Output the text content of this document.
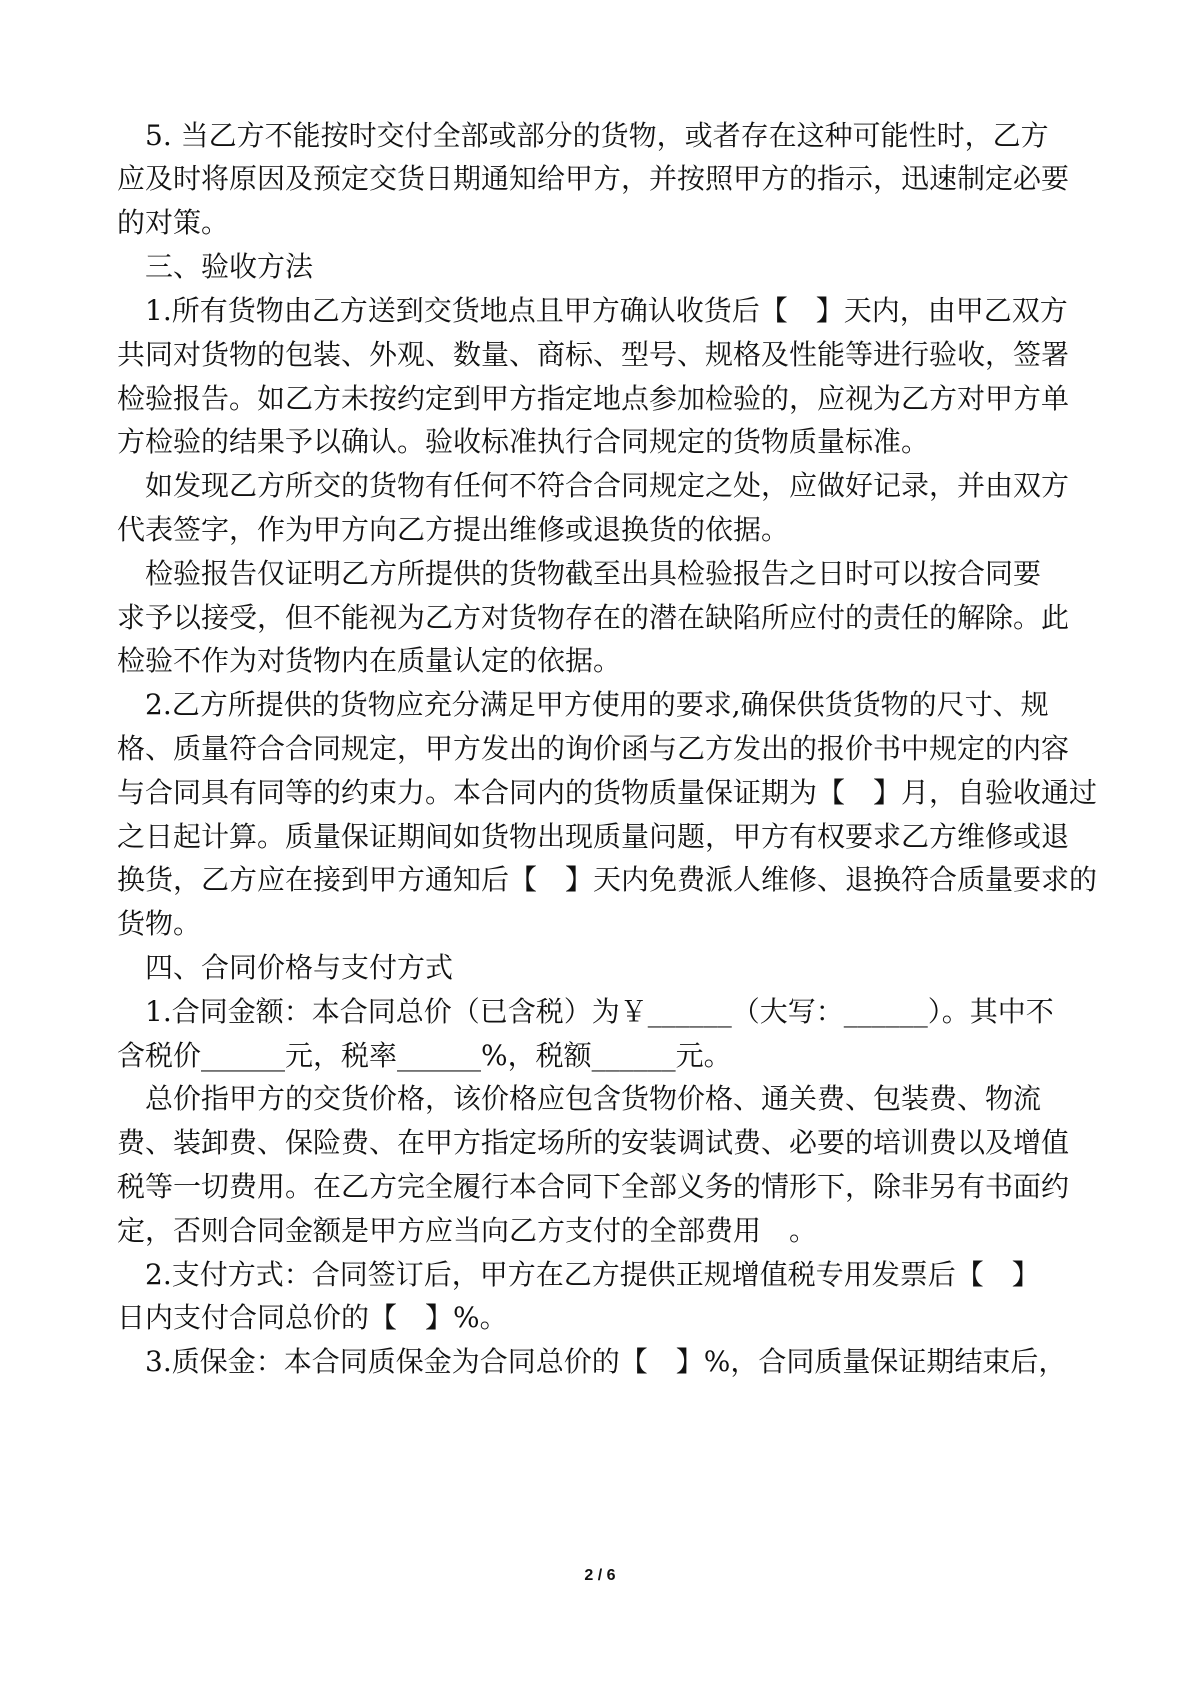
　5. 当乙方不能按时交付全部或部分的货物，或者存在这种可能性时，乙方
应及时将原因及预定交货日期通知给甲方，并按照甲方的指示，迅速制定必要
的对策。
　三、验收方法
　1.所有货物由乙方送到交货地点且甲方确认收货后【　】天内，由甲乙双方
共同对货物的包装、外观、数量、商标、型号、规格及性能等进行验收，签署
检验报告。如乙方未按约定到甲方指定地点参加检验的，应视为乙方对甲方单
方检验的结果予以确认。验收标准执行合同规定的货物质量标准。
　如发现乙方所交的货物有任何不符合合同规定之处，应做好记录，并由双方
代表签字，作为甲方向乙方提出维修或退换货的依据。
　检验报告仅证明乙方所提供的货物截至出具检验报告之日时可以按合同要
求予以接受，但不能视为乙方对货物存在的潜在缺陷所应付的责任的解除。此
检验不作为对货物内在质量认定的依据。
　2.乙方所提供的货物应充分满足甲方使用的要求,确保供货货物的尺寸、规
格、质量符合合同规定，甲方发出的询价函与乙方发出的报价书中规定的内容
与合同具有同等的约束力。本合同内的货物质量保证期为【　】月，自验收通过
之日起计算。质量保证期间如货物出现质量问题，甲方有权要求乙方维修或退
换货，乙方应在接到甲方通知后【　】天内免费派人维修、退换符合质量要求的
货物。
　四、合同价格与支付方式
　1.合同金额：本合同总价（已含税）为￥______（大写：______）。其中不
含税价______元，税率______%，税额______元。
　总价指甲方的交货价格，该价格应包含货物价格、通关费、包装费、物流
费、装卸费、保险费、在甲方指定场所的安装调试费、必要的培训费以及增值
税等一切费用。在乙方完全履行本合同下全部义务的情形下，除非另有书面约
定，否则合同金额是甲方应当向乙方支付的全部费用　。
　2.支付方式：合同签订后，甲方在乙方提供正规增值税专用发票后【　】
日内支付合同总价的【　】%。
　3.质保金：本合同质保金为合同总价的【　】%，合同质量保证期结束后，
2 / 6
